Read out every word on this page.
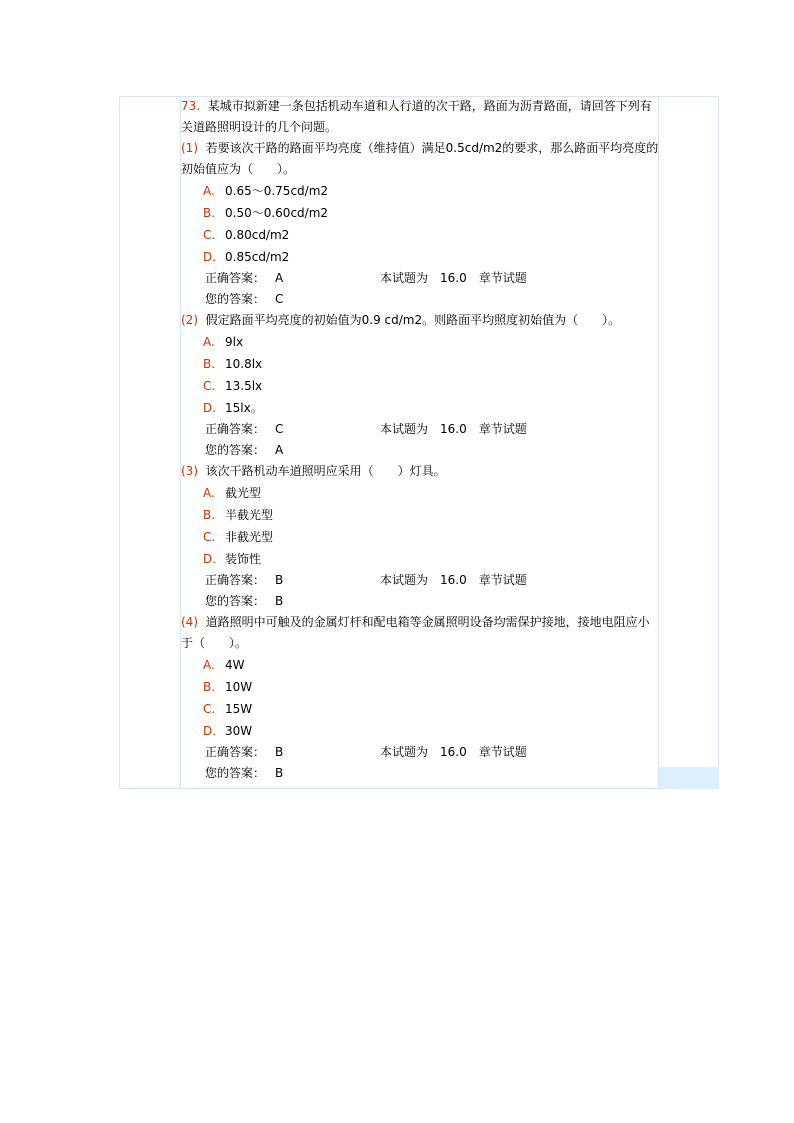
73. 某城市拟新建一条包括机动车道和人行道的次干路，路面为沥青路面，请回答下列有关道路照明设计的几个问题。

(1) 若要该次干路的路面平均亮度（维持值）满足0.5cd/m2的要求，那么路面平均亮度的初始值应为（　　）。

A. 0.65～0.75cd/m2
B. 0.50～0.60cd/m2
C. 0.80cd/m2
D. 0.85cd/m2
正确答案： A	本试题为 16.0 章节试题
您的答案： C

(2) 假定路面平均亮度的初始值为0.9 cd/m2。则路面平均照度初始值为（　　）。

A. 9lx
B. 10.8lx
C. 13.5lx
D. 15lx。
正确答案： C	本试题为 16.0 章节试题
您的答案： A

(3) 该次干路机动车道照明应采用（　　）灯具。

A. 截光型
B. 半截光型
C. 非截光型
D. 装饰性
正确答案： B	本试题为 16.0 章节试题
您的答案： B

(4) 道路照明中可触及的金属灯杆和配电箱等金属照明设备均需保护接地，接地电阻应小于（　　）。

A. 4W
B. 10W
C. 15W
D. 30W
正确答案： B	本试题为 16.0 章节试题
您的答案： B
